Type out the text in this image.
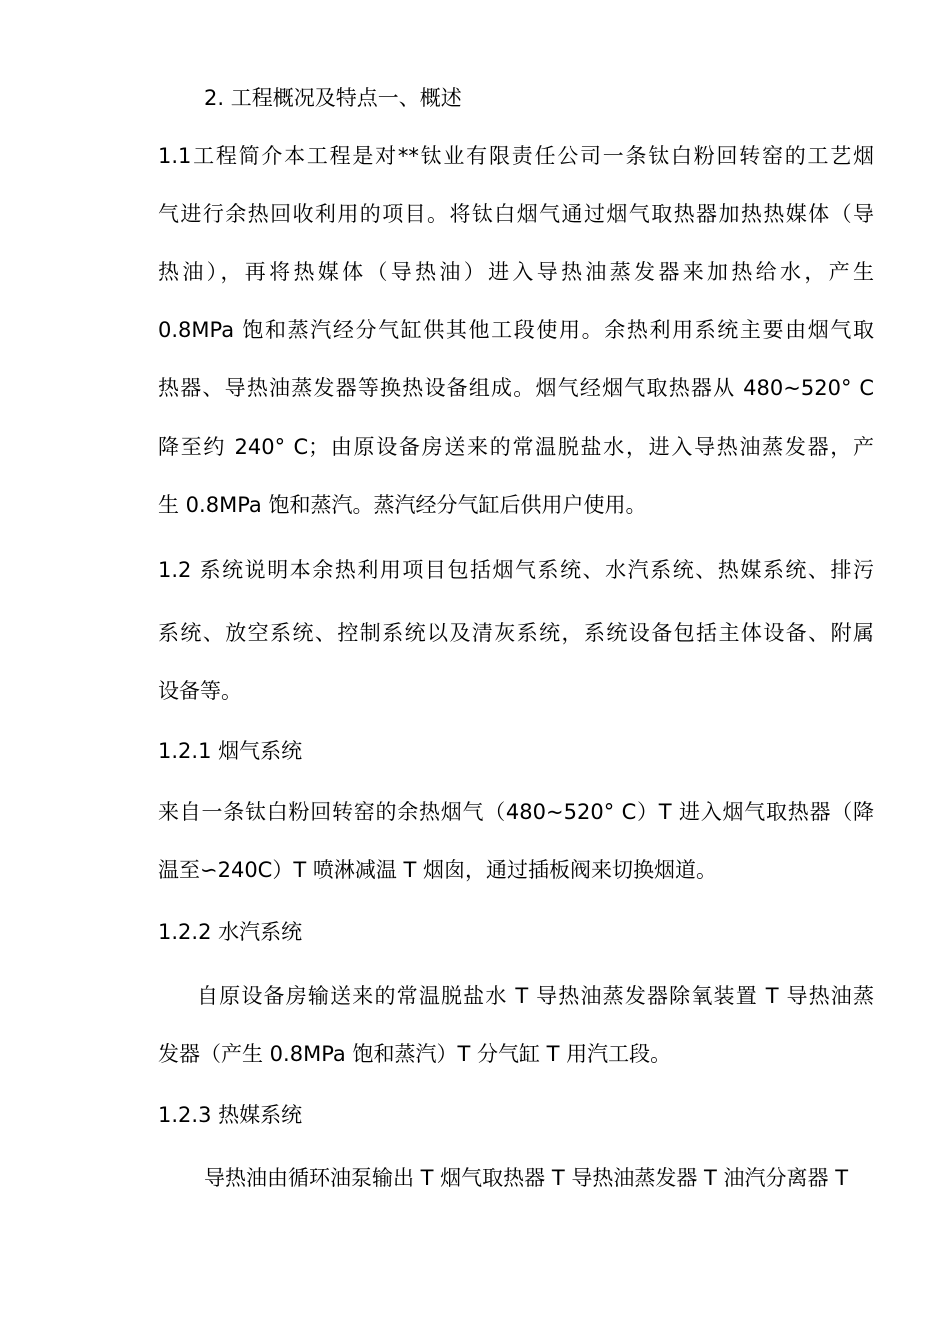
2. 工程概况及特点一、概述
1.1工程简介本工程是对**钛业有限责任公司一条钛白粉回转窑的工艺烟
气进行余热回收利用的项目。将钛白烟气通过烟气取热器加热热媒体（导
热油），再将热媒体（导热油）进入导热油蒸发器来加热给水，产生
0.8MPa 饱和蒸汽经分气缸供其他工段使用。余热利用系统主要由烟气取
热器、导热油蒸发器等换热设备组成。烟气经烟气取热器从 480~520° C
降至约 240° C；由原设备房送来的常温脱盐水，进入导热油蒸发器，产
生 0.8MPa 饱和蒸汽。蒸汽经分气缸后供用户使用。
1.2 系统说明本余热利用项目包括烟气系统、水汽系统、热媒系统、排污
系统、放空系统、控制系统以及清灰系统，系统设备包括主体设备、附属
设备等。
1.2.1 烟气系统
来自一条钛白粉回转窑的余热烟气（480~520° C）T 进入烟气取热器（降
温至∽240C）T 喷淋减温 T 烟囱，通过插板阀来切换烟道。
1.2.2 水汽系统
自原设备房输送来的常温脱盐水 T 导热油蒸发器除氧装置 T 导热油蒸
发器（产生 0.8MPa 饱和蒸汽）T 分气缸 T 用汽工段。
1.2.3 热媒系统
导热油由循环油泵输出 T 烟气取热器 T 导热油蒸发器 T 油汽分离器 T
